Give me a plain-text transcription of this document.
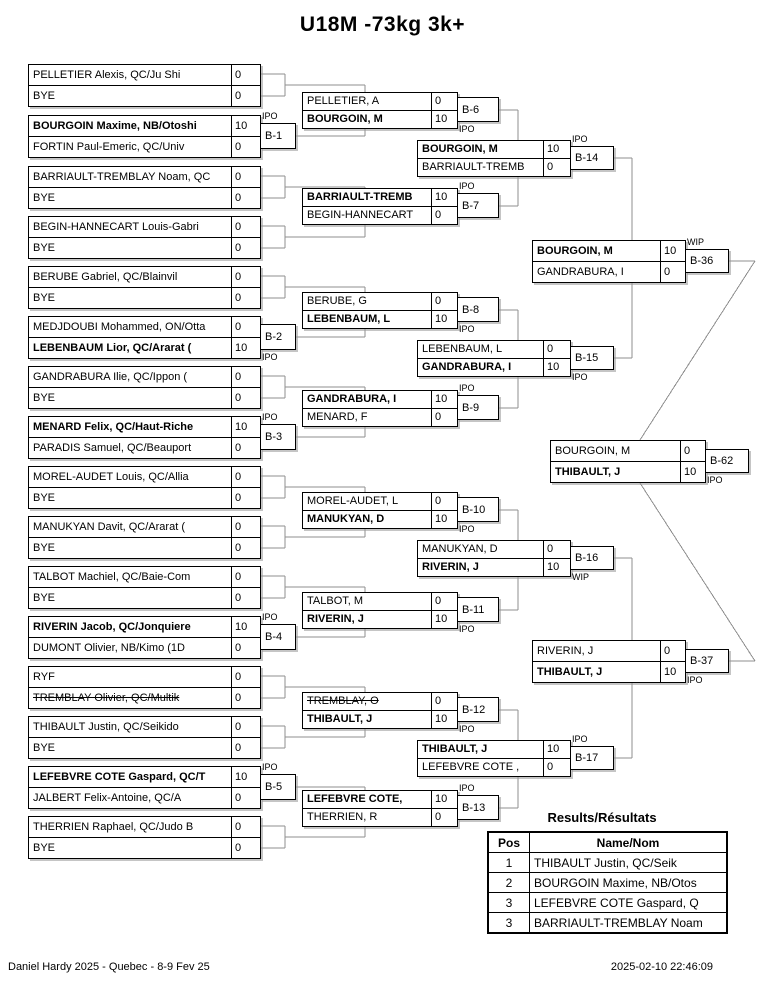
U18M -73kg 3k+
Results/Résultats
Pos	Name/Nom
1	THIBAULT Justin, QC/Seik
2	BOURGOIN Maxime, NB/Otos
3	LEFEBVRE COTE Gaspard, Q
3	BARRIAULT-TREMBLAY Noam
Daniel Hardy 2025 - Quebec - 8-9 Fev 25	2025-02-10 22:46:09
PELLETIER Alexis, QC/Ju Shi	0
BYE	0
BOURGOIN Maxime, NB/Otoshi	10
FORTIN Paul-Emeric, QC/Univ	0
B-1
IPO
BARRIAULT-TREMBLAY Noam, QC	0
BYE	0
BEGIN-HANNECART Louis-Gabri	0
BYE	0
BERUBE Gabriel, QC/Blainvil	0
BYE	0
MEDJDOUBI Mohammed, ON/Otta	0
LEBENBAUM Lior, QC/Ararat (	10
B-2
IPO
GANDRABURA Ilie, QC/Ippon (	0
BYE	0
MENARD Felix, QC/Haut-Riche	10
PARADIS Samuel, QC/Beauport	0
B-3
IPO
MOREL-AUDET Louis, QC/Allia	0
BYE	0
MANUKYAN Davit, QC/Ararat (	0
BYE	0
TALBOT Machiel, QC/Baie-Com	0
BYE	0
RIVERIN Jacob, QC/Jonquiere	10
DUMONT Olivier, NB/Kimo (1D	0
B-4
IPO
RYF	0
TREMBLAY Olivier, QC/Multik	0
THIBAULT Justin, QC/Seikido	0
BYE	0
LEFEBVRE COTE Gaspard, QC/T	10
JALBERT Felix-Antoine, QC/A	0
B-5
IPO
THERRIEN Raphael, QC/Judo B	0
BYE	0
PELLETIER, A	0
BOURGOIN, M	10
B-6
IPO
BARRIAULT-TREMB	10
BEGIN-HANNECART	0
B-7
IPO
BERUBE, G	0
LEBENBAUM, L	10
B-8
IPO
GANDRABURA, I	10
MENARD, F	0
B-9
IPO
MOREL-AUDET, L	0
MANUKYAN, D	10
B-10
IPO
TALBOT, M	0
RIVERIN, J	10
B-11
IPO
TREMBLAY, O	0
THIBAULT, J	10
B-12
IPO
LEFEBVRE COTE,	10
THERRIEN, R	0
B-13
IPO
BOURGOIN, M	10
BARRIAULT-TREMB	0
B-14
IPO
LEBENBAUM, L	0
GANDRABURA, I	10
B-15
IPO
MANUKYAN, D	0
RIVERIN, J	10
B-16
WIP
THIBAULT, J	10
LEFEBVRE COTE ,	0
B-17
IPO
BOURGOIN, M	10
GANDRABURA, I	0
B-36
WIP
RIVERIN, J	0
THIBAULT, J	10
B-37
IPO
BOURGOIN, M	0
THIBAULT, J	10
B-62
IPO
